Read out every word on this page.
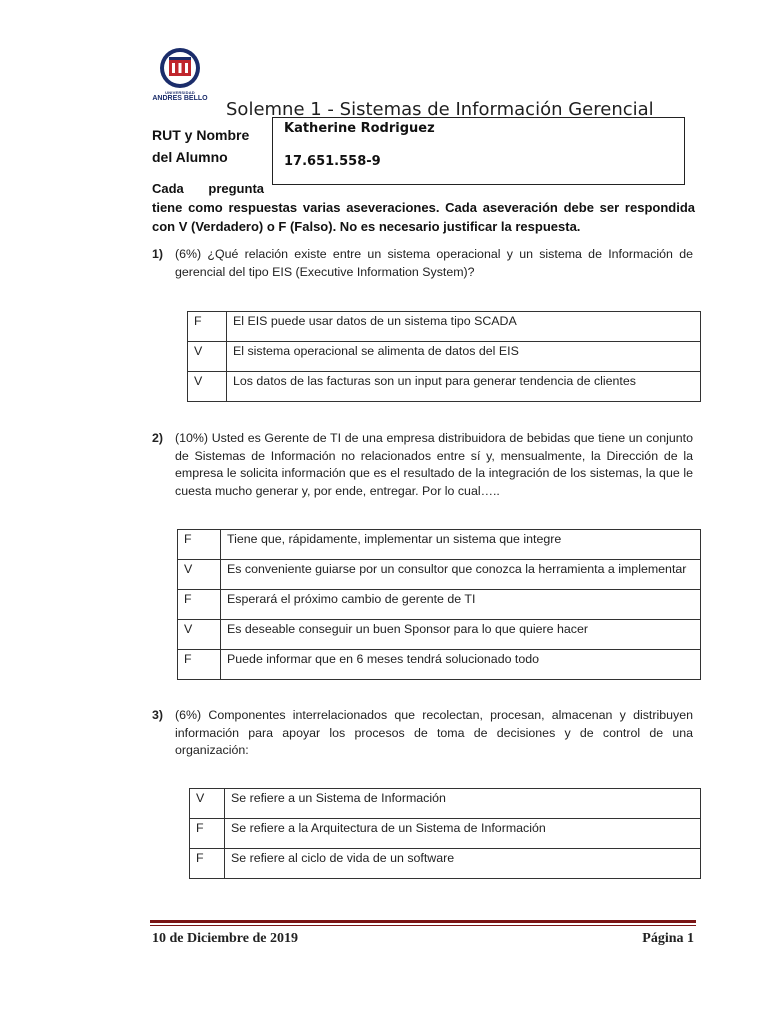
UNIVERSIDAD
ANDRES BELLO
Solemne 1 - Sistemas de Información Gerencial
RUT y Nombre del Alumno
Katherine Rodriguez
17.651.558-9
Cada pregunta
tiene como respuestas varias aseveraciones. Cada aseveración debe ser respondida con V (Verdadero) o F (Falso). No es necesario justificar la respuesta.
1) (6%) ¿Qué relación existe entre un sistema operacional y un sistema de Información de gerencial del tipo EIS (Executive Information System)?
F	El EIS puede usar datos de un sistema tipo SCADA
V	El sistema operacional se alimenta de datos del EIS
V	Los datos de las facturas son un input para generar tendencia de clientes
2) (10%) Usted es Gerente de TI de una empresa distribuidora de bebidas que tiene un conjunto de Sistemas de Información no relacionados entre sí y, mensualmente, la Dirección de la empresa le solicita información que es el resultado de la integración de los sistemas, la que le cuesta mucho generar y, por ende, entregar. Por lo cual…..
F	Tiene que, rápidamente, implementar un sistema que integre
V	Es conveniente guiarse por un consultor que conozca la herramienta a implementar
F	Esperará el próximo cambio de gerente de TI
V	Es deseable conseguir un buen Sponsor para lo que quiere hacer
F	Puede informar que en 6 meses tendrá solucionado todo
3) (6%) Componentes interrelacionados que recolectan, procesan, almacenan y distribuyen información para apoyar los procesos de toma de decisiones y de control de una organización:
V	Se refiere a un Sistema de Información
F	Se refiere a la Arquitectura de un Sistema de Información
F	Se refiere al ciclo de vida de un software
10 de Diciembre de 2019	Página 1
